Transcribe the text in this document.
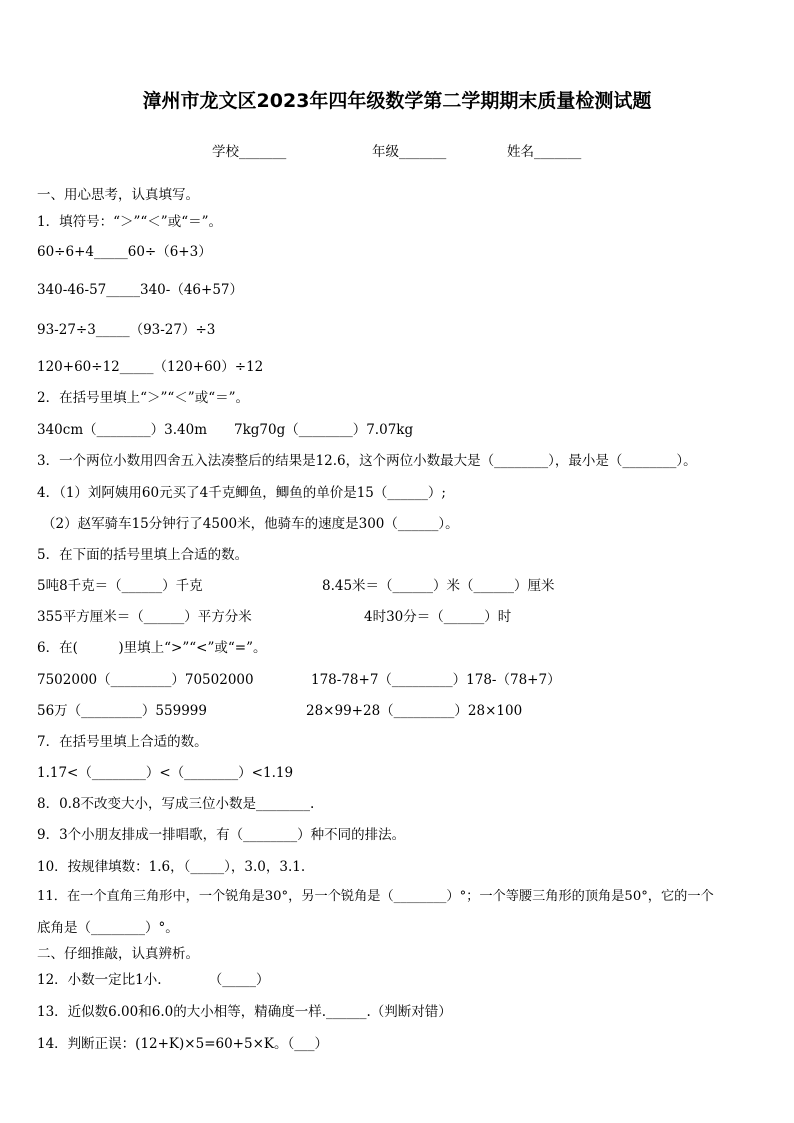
漳州市龙文区2023年四年级数学第二学期期末质量检测试题
学校_______	年级_______	姓名_______
一、用心思考，认真填写。
1．填符号：“＞”“＜”或“＝”。
60÷6+4_____60÷（6+3）
340-46-57_____340-（46+57）
93-27÷3_____（93-27）÷3
120+60÷12_____（120+60）÷12
2．在括号里填上“＞”“＜”或“＝”。
340cm（________）3.40m　　7kg70g（________）7.07kg
3．一个两位小数用四舍五入法凑整后的结果是12.6，这个两位小数最大是（________），最小是（________）。
4．（1）刘阿姨用60元买了4千克鲫鱼，鲫鱼的单价是15（______）;
（2）赵军骑车15分钟行了4500米，他骑车的速度是300（______）。
5．在下面的括号里填上合适的数。
5吨8千克＝（______）千克	8.45米＝（______）米（______）厘米
355平方厘米＝（______）平方分米	4时30分＝（______）时
6．在(　　　)里填上“>”“<”或“=”。
7502000（_________）70502000	178-78+7（_________）178-（78+7）
56万（_________）559999	28×99+28（_________）28×100
7．在括号里填上合适的数。
1.17<（________）<（________）<1.19
8．0.8不改变大小，写成三位小数是________.
9．3个小朋友排成一排唱歌，有（________）种不同的排法。
10．按规律填数：1.6，（_____），3.0，3.1.
11．在一个直角三角形中，一个锐角是30°，另一个锐角是（________）°；一个等腰三角形的顶角是50°，它的一个
底角是（________）°。
二、仔细推敲，认真辨析。
12．小数一定比1小.　　　　（_____）
13．近似数6.00和6.0的大小相等，精确度一样.______.（判断对错）
14．判断正误：(12+K)×5=60+5×K。（___）
